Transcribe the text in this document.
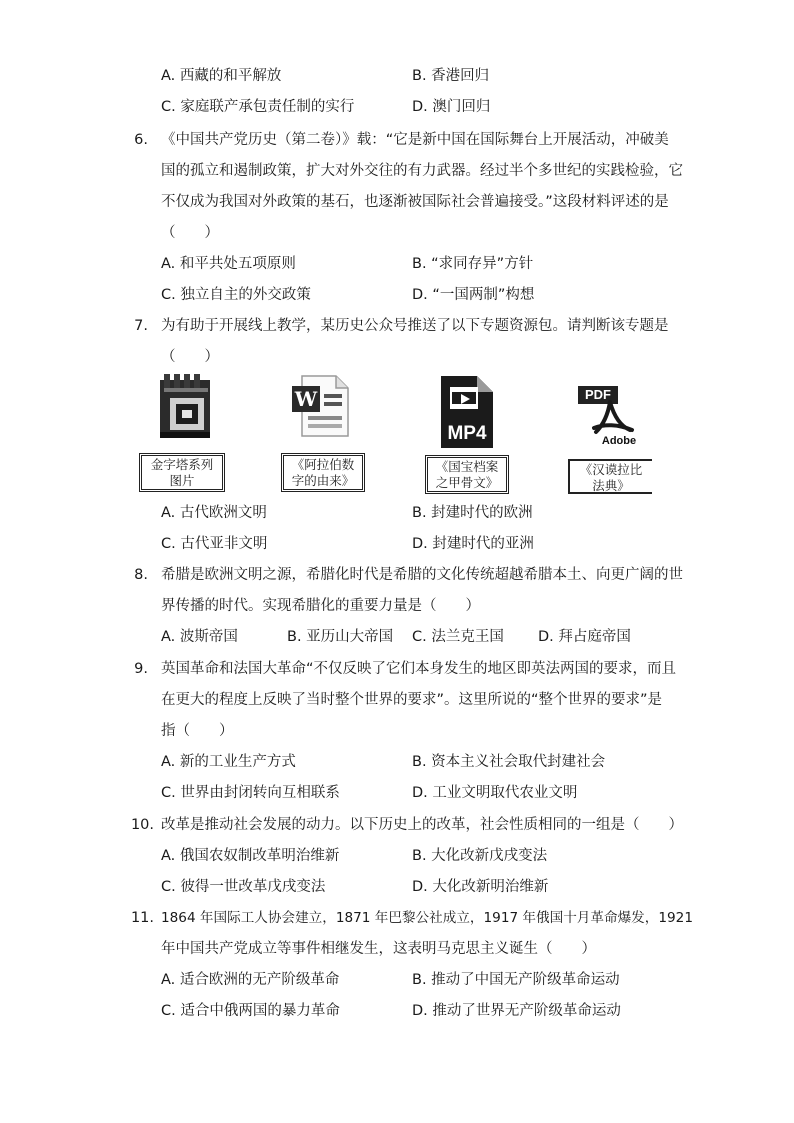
A. 西藏的和平解放	B. 香港回归
C. 家庭联产承包责任制的实行	D. 澳门回归
6. 《中国共产党历史（第二卷）》载：“它是新中国在国际舞台上开展活动，冲破美
国的孤立和遏制政策，扩大对外交往的有力武器。经过半个多世纪的实践检验，它
不仅成为我国对外政策的基石，也逐渐被国际社会普遍接受。”这段材料评述的是
（　　）
A. 和平共处五项原则	B. “求同存异”方针
C. 独立自主的外交政策	D. “一国两制”构想
7. 为有助于开展线上教学，某历史公众号推送了以下专题资源包。请判断该专题是
（　　）
金字塔系列
图片
W
《阿拉伯数
字的由来》
MP4
《国宝档案
之甲骨文》
PDF
Adobe
《汉谟拉比
法典》
A. 古代欧洲文明	B. 封建时代的欧洲
C. 古代亚非文明	D. 封建时代的亚洲
8. 希腊是欧洲文明之源，希腊化时代是希腊的文化传统超越希腊本土、向更广阔的世
界传播的时代。实现希腊化的重要力量是（　　）
A. 波斯帝国	B. 亚历山大帝国 C. 法兰克王国 D. 拜占庭帝国
9. 英国革命和法国大革命“不仅反映了它们本身发生的地区即英法两国的要求，而且
在更大的程度上反映了当时整个世界的要求”。这里所说的“整个世界的要求”是
指（　　）
A. 新的工业生产方式	B. 资本主义社会取代封建社会
C. 世界由封闭转向互相联系	D. 工业文明取代农业文明
10. 改革是推动社会发展的动力。以下历史上的改革，社会性质相同的一组是（　　）
A. 俄国农奴制改革明治维新	B. 大化改新戊戌变法
C. 彼得一世改革戊戌变法	D. 大化改新明治维新
11. 1864 年国际工人协会建立，1871 年巴黎公社成立，1917 年俄国十月革命爆发，1921
年中国共产党成立等事件相继发生，这表明马克思主义诞生（　　）
A. 适合欧洲的无产阶级革命	B. 推动了中国无产阶级革命运动
C. 适合中俄两国的暴力革命	D. 推动了世界无产阶级革命运动
